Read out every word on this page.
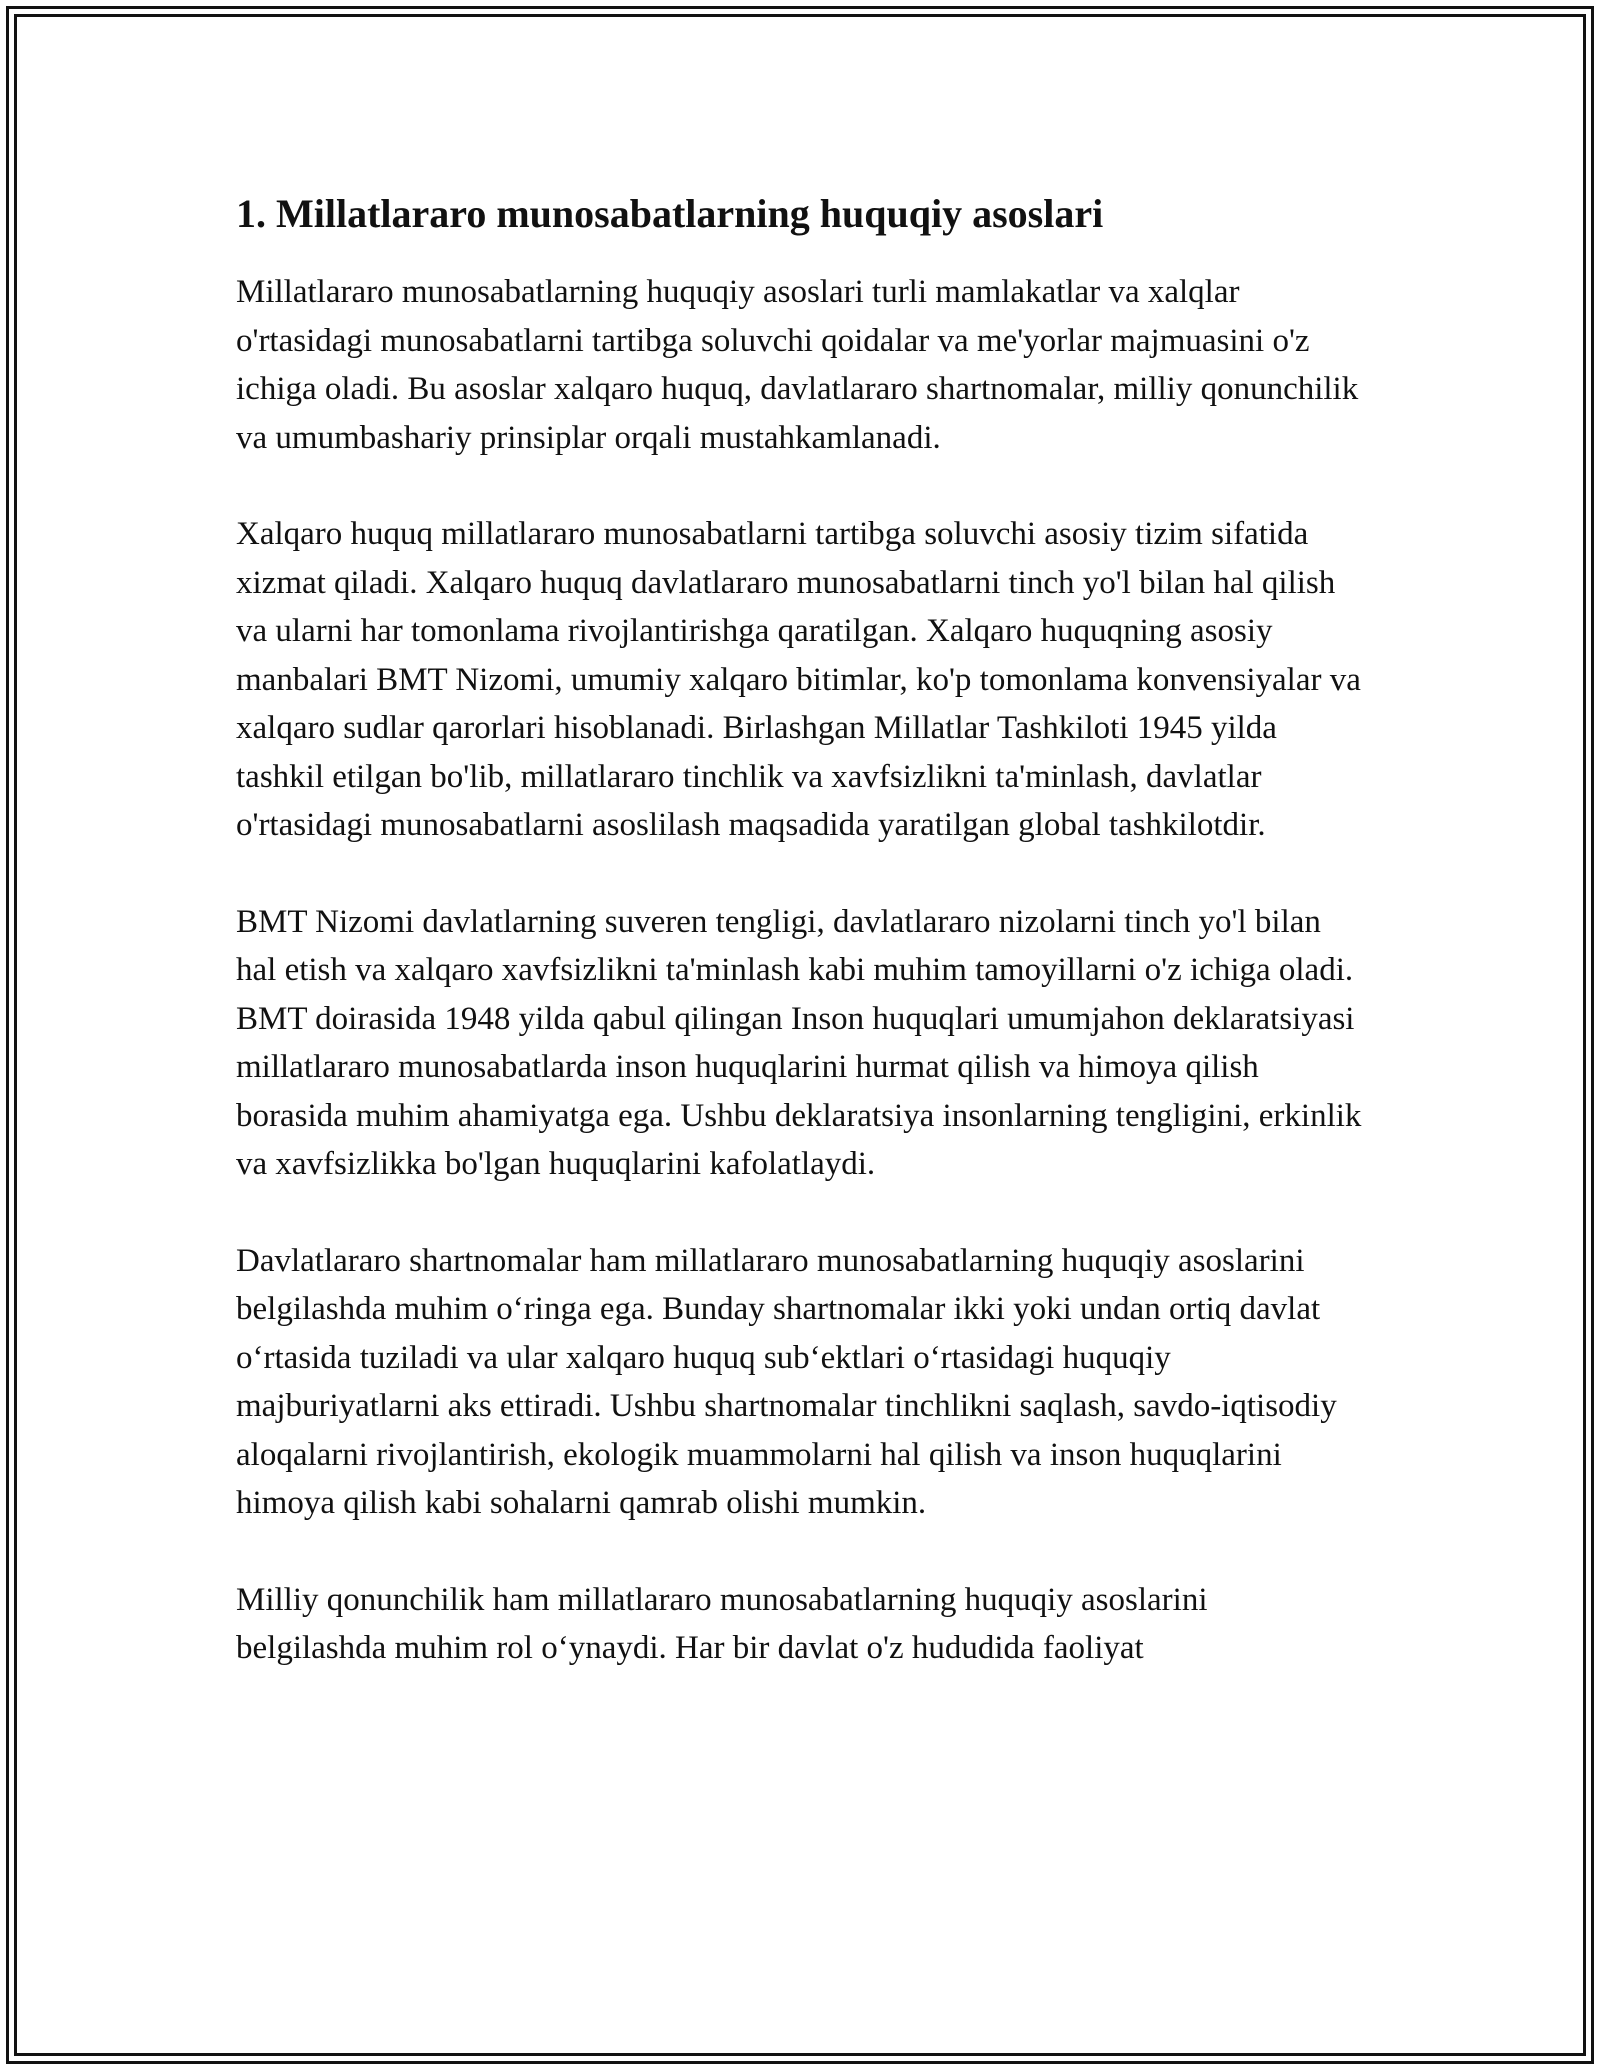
1. Millatlararo munosabatlarning huquqiy asoslari

Millatlararo munosabatlarning huquqiy asoslari turli mamlakatlar va xalqlar o'rtasidagi munosabatlarni tartibga soluvchi qoidalar va me'yorlar majmuasini o'z ichiga oladi. Bu asoslar xalqaro huquq, davlatlararo shartnomalar, milliy qonunchilik va umumbashariy prinsiplar orqali mustahkamlanadi.

Xalqaro huquq millatlararo munosabatlarni tartibga soluvchi asosiy tizim sifatida xizmat qiladi. Xalqaro huquq davlatlararo munosabatlarni tinch yo'l bilan hal qilish va ularni har tomonlama rivojlantirishga qaratilgan. Xalqaro huquqning asosiy manbalari BMT Nizomi, umumiy xalqaro bitimlar, ko'p tomonlama konvensiyalar va xalqaro sudlar qarorlari hisoblanadi. Birlashgan Millatlar Tashkiloti 1945 yilda tashkil etilgan bo'lib, millatlararo tinchlik va xavfsizlikni ta'minlash, davlatlar o'rtasidagi munosabatlarni asoslilash maqsadida yaratilgan global tashkilotdir.

BMT Nizomi davlatlarning suveren tengligi, davlatlararo nizolarni tinch yo'l bilan hal etish va xalqaro xavfsizlikni ta'minlash kabi muhim tamoyillarni o'z ichiga oladi. BMT doirasida 1948 yilda qabul qilingan Inson huquqlari umumjahon deklaratsiyasi millatlararo munosabatlarda inson huquqlarini hurmat qilish va himoya qilish borasida muhim ahamiyatga ega. Ushbu deklaratsiya insonlarning tengligini, erkinlik va xavfsizlikka bo'lgan huquqlarini kafolatlaydi.

Davlatlararo shartnomalar ham millatlararo munosabatlarning huquqiy asoslarini belgilashda muhim o‘ringa ega. Bunday shartnomalar ikki yoki undan ortiq davlat o‘rtasida tuziladi va ular xalqaro huquq sub‘ektlari o‘rtasidagi huquqiy majburiyatlarni aks ettiradi. Ushbu shartnomalar tinchlikni saqlash, savdo-iqtisodiy aloqalarni rivojlantirish, ekologik muammolarni hal qilish va inson huquqlarini himoya qilish kabi sohalarni qamrab olishi mumkin.

Milliy qonunchilik ham millatlararo munosabatlarning huquqiy asoslarini belgilashda muhim rol o‘ynaydi. Har bir davlat o'z hududida faoliyat
